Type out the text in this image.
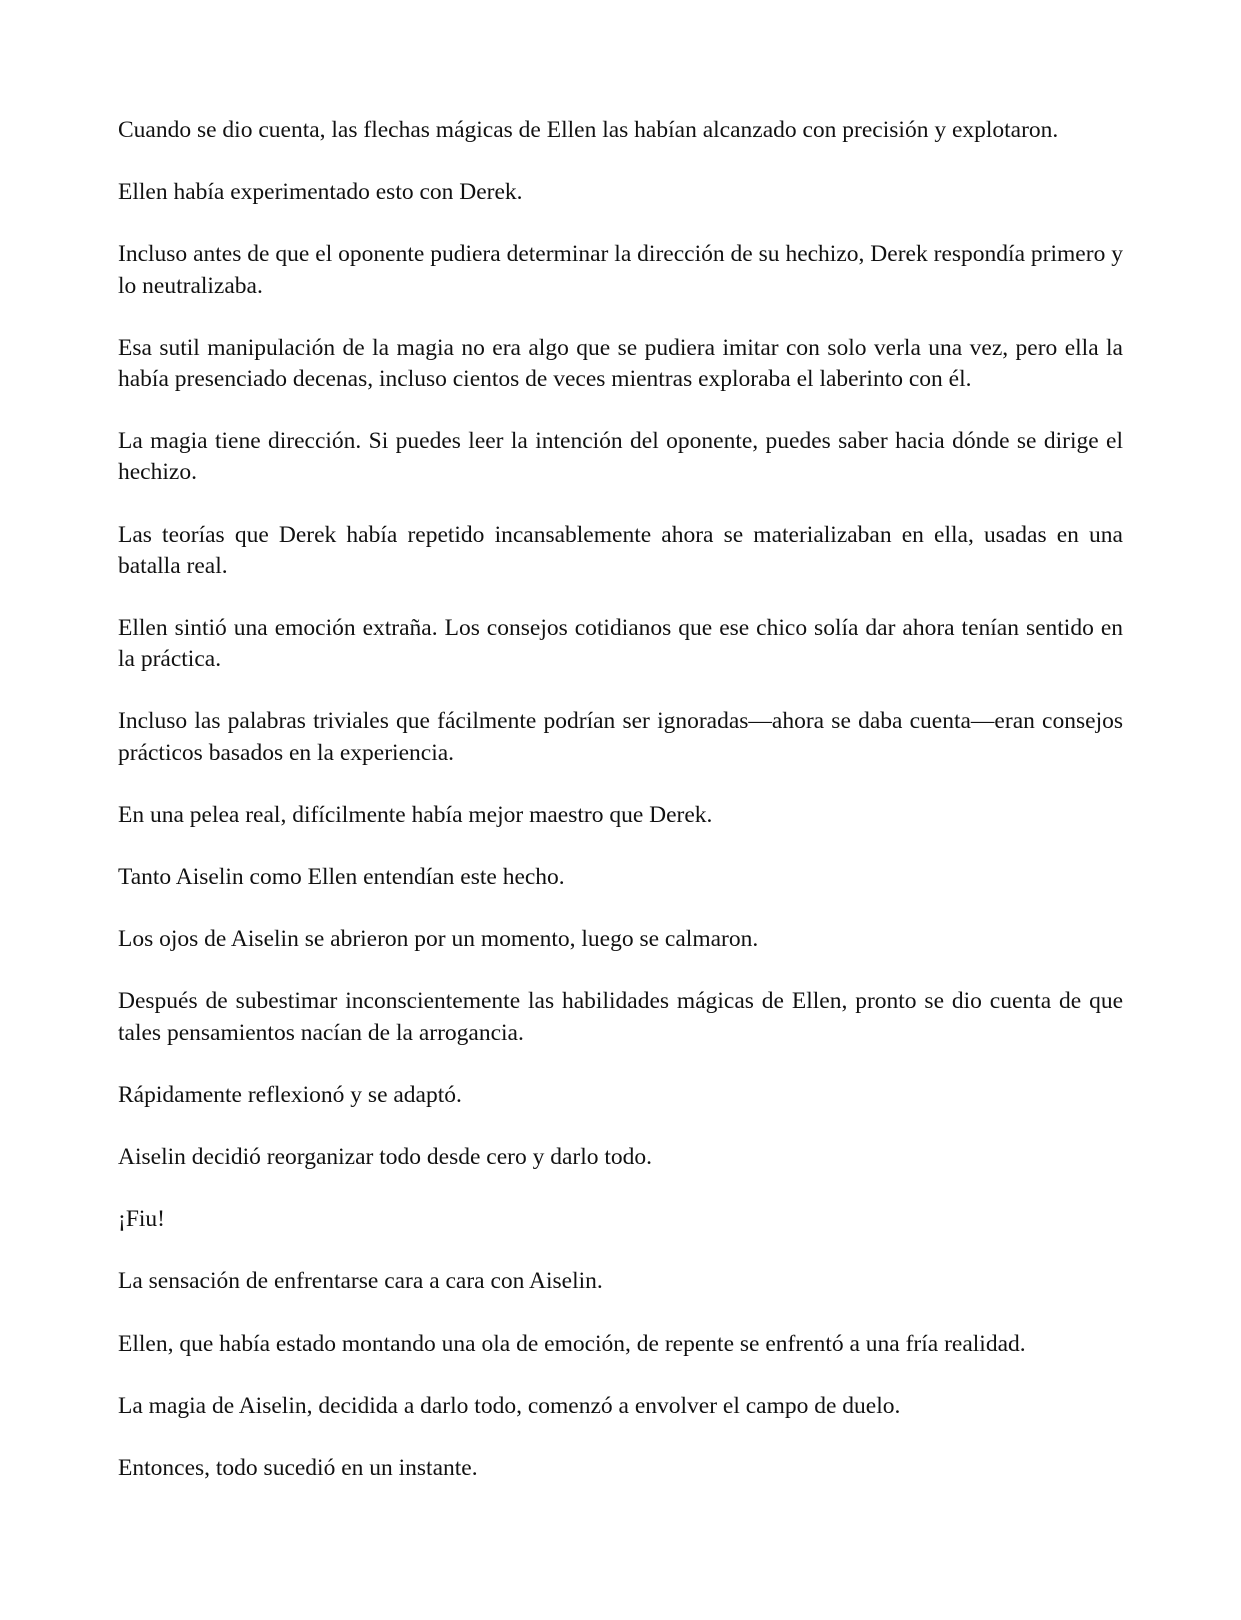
Cuando se dio cuenta, las flechas mágicas de Ellen las habían alcanzado con precisión y explotaron.

Ellen había experimentado esto con Derek.

Incluso antes de que el oponente pudiera determinar la dirección de su hechizo, Derek respondía primero y lo neutralizaba.

Esa sutil manipulación de la magia no era algo que se pudiera imitar con solo verla una vez, pero ella la había presenciado decenas, incluso cientos de veces mientras exploraba el laberinto con él.

La magia tiene dirección. Si puedes leer la intención del oponente, puedes saber hacia dónde se dirige el hechizo.

Las teorías que Derek había repetido incansablemente ahora se materializaban en ella, usadas en una batalla real.

Ellen sintió una emoción extraña. Los consejos cotidianos que ese chico solía dar ahora tenían sentido en la práctica.

Incluso las palabras triviales que fácilmente podrían ser ignoradas—ahora se daba cuenta—eran consejos prácticos basados en la experiencia.

En una pelea real, difícilmente había mejor maestro que Derek.

Tanto Aiselin como Ellen entendían este hecho.

Los ojos de Aiselin se abrieron por un momento, luego se calmaron.

Después de subestimar inconscientemente las habilidades mágicas de Ellen, pronto se dio cuenta de que tales pensamientos nacían de la arrogancia.

Rápidamente reflexionó y se adaptó.

Aiselin decidió reorganizar todo desde cero y darlo todo.

¡Fiu!

La sensación de enfrentarse cara a cara con Aiselin.

Ellen, que había estado montando una ola de emoción, de repente se enfrentó a una fría realidad.

La magia de Aiselin, decidida a darlo todo, comenzó a envolver el campo de duelo.

Entonces, todo sucedió en un instante.
